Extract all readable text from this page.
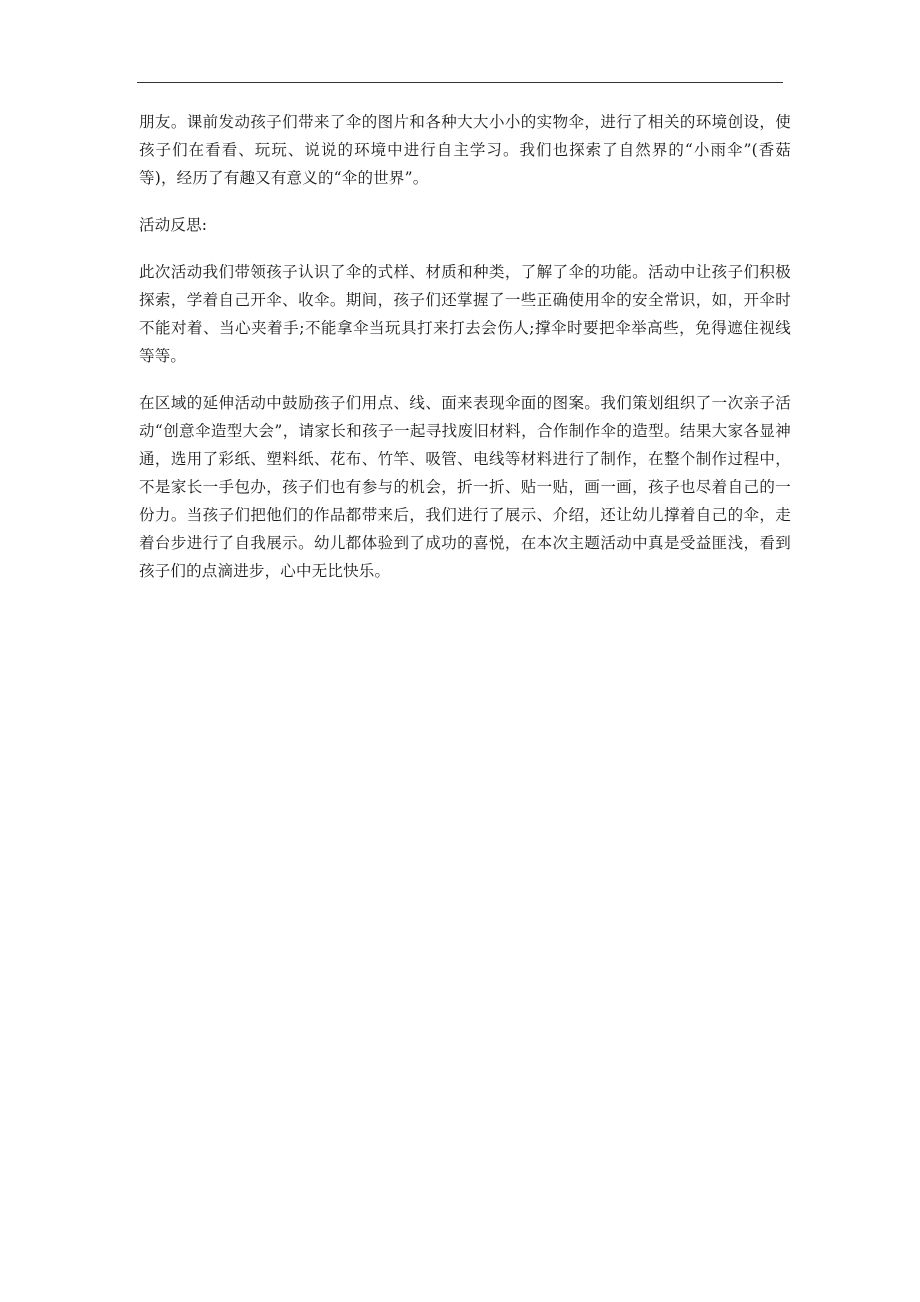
朋友。课前发动孩子们带来了伞的图片和各种大大小小的实物伞，进行了相关的环境创设，使孩子们在看看、玩玩、说说的环境中进行自主学习。我们也探索了自然界的“小雨伞”(香菇等)，经历了有趣又有意义的“伞的世界”。

活动反思:

此次活动我们带领孩子认识了伞的式样、材质和种类，了解了伞的功能。活动中让孩子们积极探索，学着自己开伞、收伞。期间，孩子们还掌握了一些正确使用伞的安全常识，如，开伞时不能对着、当心夹着手;不能拿伞当玩具打来打去会伤人;撑伞时要把伞举高些，免得遮住视线等等。

在区域的延伸活动中鼓励孩子们用点、线、面来表现伞面的图案。我们策划组织了一次亲子活动“创意伞造型大会”，请家长和孩子一起寻找废旧材料，合作制作伞的造型。结果大家各显神通，选用了彩纸、塑料纸、花布、竹竿、吸管、电线等材料进行了制作，在整个制作过程中，不是家长一手包办，孩子们也有参与的机会，折一折、贴一贴，画一画，孩子也尽着自己的一份力。当孩子们把他们的作品都带来后，我们进行了展示、介绍，还让幼儿撑着自己的伞，走着台步进行了自我展示。幼儿都体验到了成功的喜悦，在本次主题活动中真是受益匪浅，看到孩子们的点滴进步，心中无比快乐。
